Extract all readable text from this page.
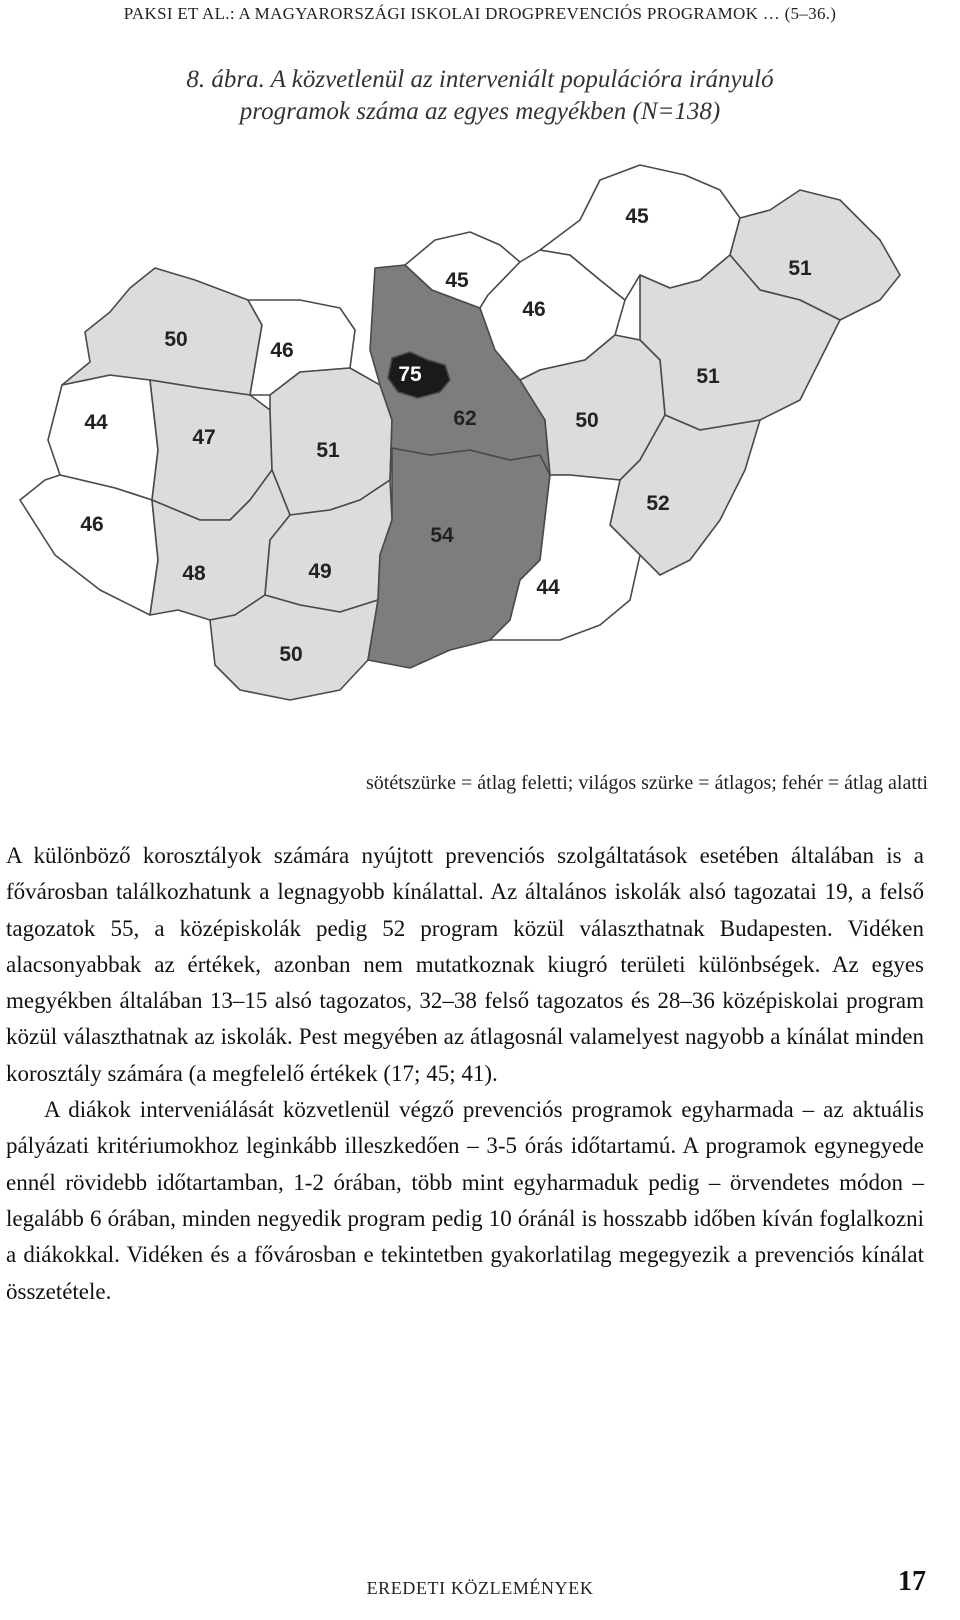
PAKSI ET AL.: A MAGYARORSZÁGI ISKOLAI DROGPREVENCIÓS PROGRAMOK … (5–36.)
8. ábra. A közvetlenül az interveniált populációra irányuló
programok száma az egyes megyékben (N=138)
50	46
44
47
46
51
48	49
50
45
46
45
51
51
50
52
44
62
54
75
sötétszürke = átlag feletti; világos szürke = átlagos; fehér = átlag alatti

A különböző korosztályok számára nyújtott prevenciós szolgáltatások esetében általában is a fővárosban találkozhatunk a legnagyobb kínálattal. Az általános iskolák alsó tagozatai 19, a felső tagozatok 55, a középiskolák pedig 52 program közül választhatnak Budapesten. Vidéken alacsonyabbak az értékek, azonban nem mutatkoznak kiugró területi különbségek. Az egyes megyékben általában 13–15 alsó tagozatos, 32–38 felső tagozatos és 28–36 középiskolai program közül választhatnak az iskolák. Pest megyében az átlagosnál valamelyest nagyobb a kínálat minden korosztály számára (a megfelelő értékek (17; 45; 41).

A diákok interveniálását közvetlenül végző prevenciós programok egyharmada – az aktuális pályázati kritériumokhoz leginkább illeszkedően – 3-5 órás időtartamú. A programok egynegyede ennél rövidebb időtartamban, 1-2 órában, több mint egyharmaduk pedig – örvendetes módon – legalább 6 órában, minden negyedik program pedig 10 óránál is hosszabb időben kíván foglalkozni a diákokkal. Vidéken és a fővárosban e tekintetben gyakorlatilag megegyezik a prevenciós kínálat összetétele.

EREDETI KÖZLEMÉNYEK	17
